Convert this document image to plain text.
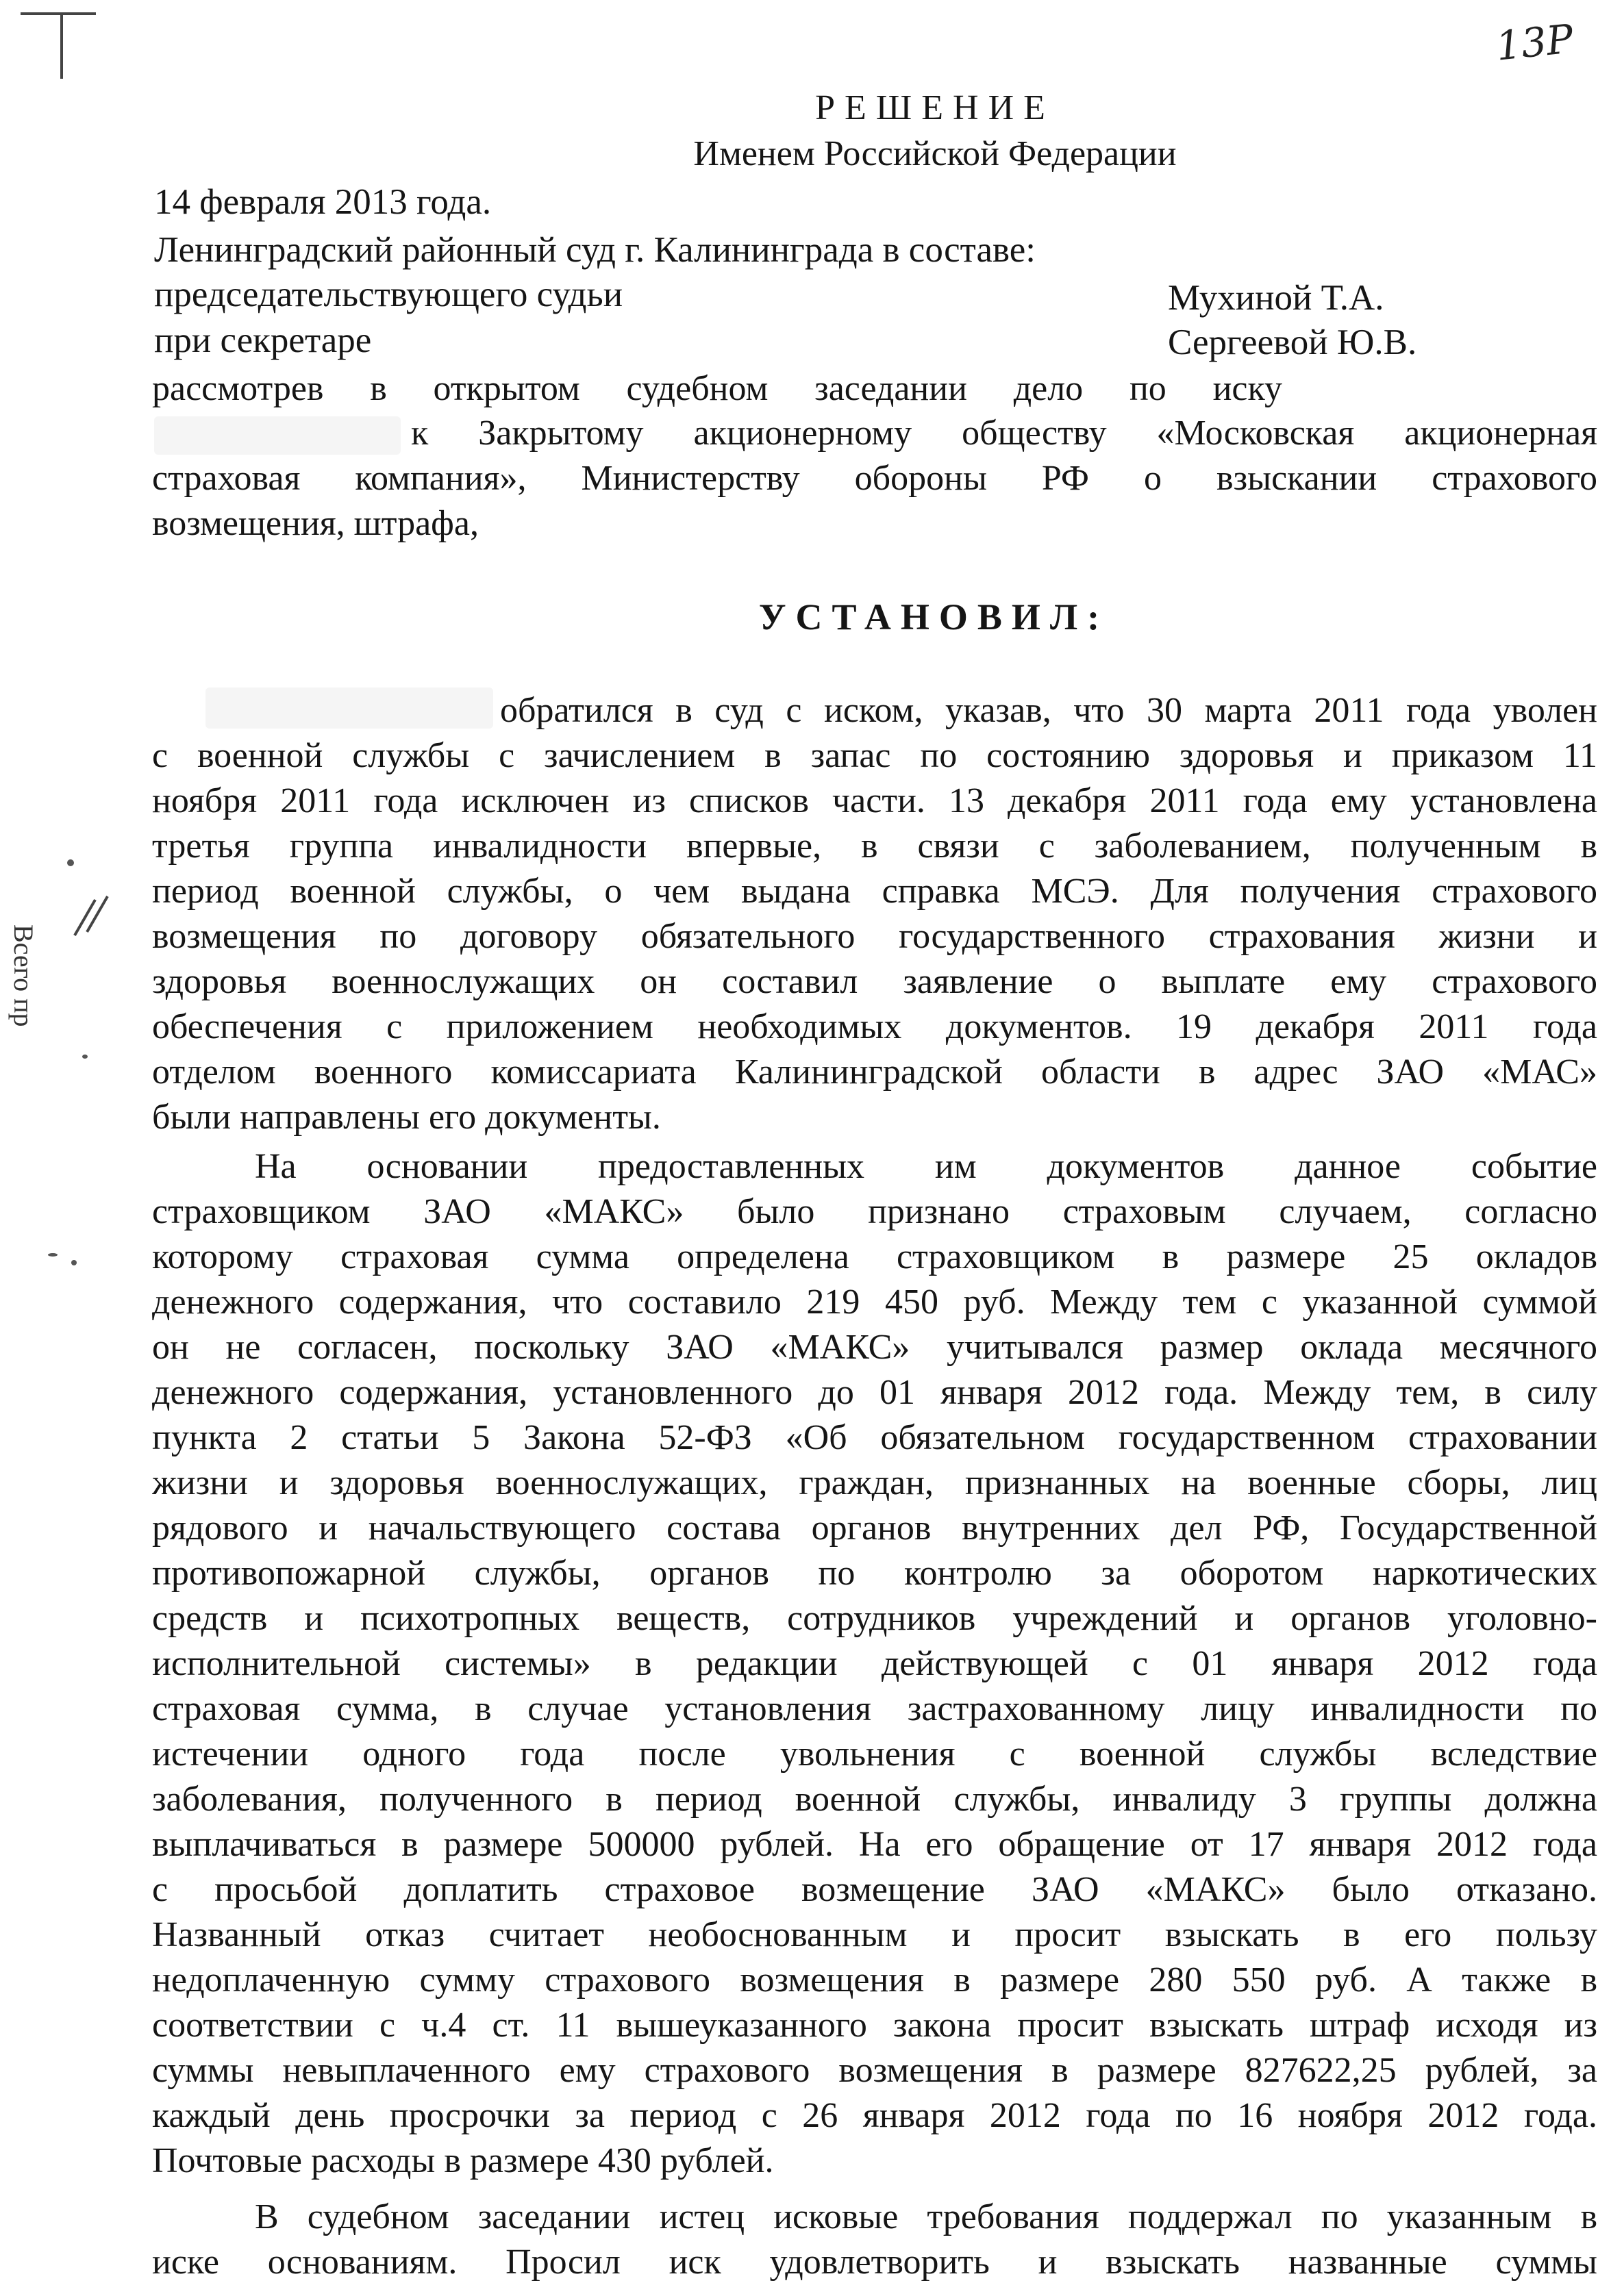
13P
Всего пр
РЕШЕНИЕ
Именем Российской Федерации
14 февраля 2013 года.
Ленинградский районный суд г. Калининграда в составе:
председательствующего судьи	Мухиной Т.А.
при секретаре	Сергеевой Ю.В.
рассмотрев в открытом судебном заседании дело по иску
к Закрытому акционерному обществу «Московская акционерная
страховая компания», Министерству обороны РФ о взыскании страхового
возмещения, штрафа,
УСТАНОВИЛ:
обратился в суд с иском, указав, что 30 марта 2011 года уволен
с военной службы с зачислением в запас по состоянию здоровья и приказом 11
ноября 2011 года исключен из списков части. 13 декабря 2011 года ему установлена
третья группа инвалидности впервые, в связи с заболеванием, полученным в
период военной службы, о чем выдана справка МСЭ. Для получения страхового
возмещения по договору обязательного государственного страхования жизни и
здоровья военнослужащих он составил заявление о выплате ему страхового
обеспечения с приложением необходимых документов. 19 декабря 2011 года
отделом военного комиссариата Калининградской области в адрес ЗАО «МАС»
были направлены его документы.
На основании предоставленных им документов данное событие
страховщиком ЗАО «МАКС» было признано страховым случаем, согласно
которому страховая сумма определена страховщиком в размере 25 окладов
денежного содержания, что составило 219 450 руб. Между тем с указанной суммой
он не согласен, поскольку ЗАО «МАКС» учитывался размер оклада месячного
денежного содержания, установленного до 01 января 2012 года. Между тем, в силу
пункта 2 статьи 5 Закона 52-ФЗ «Об обязательном государственном страховании
жизни и здоровья военнослужащих, граждан, признанных на военные сборы, лиц
рядового и начальствующего состава органов внутренних дел РФ, Государственной
противопожарной службы, органов по контролю за оборотом наркотических
средств и психотропных веществ, сотрудников учреждений и органов уголовно-
исполнительной системы» в редакции действующей с 01 января 2012 года
страховая сумма, в случае установления застрахованному лицу инвалидности по
истечении одного года после увольнения с военной службы вследствие
заболевания, полученного в период военной службы, инвалиду 3 группы должна
выплачиваться в размере 500000 рублей. На его обращение от 17 января 2012 года
с просьбой доплатить страховое возмещение ЗАО «МАКС» было отказано.
Названный отказ считает необоснованным и просит взыскать в его пользу
недоплаченную сумму страхового возмещения в размере 280 550 руб. А также в
соответствии с ч.4 ст. 11 вышеуказанного закона просит взыскать штраф исходя из
суммы невыплаченного ему страхового возмещения в размере 827622,25 рублей, за
каждый день просрочки за период с 26 января 2012 года по 16 ноября 2012 года.
Почтовые расходы в размере 430 рублей.
В судебном заседании истец исковые требования поддержал по указанным в
иске основаниям. Просил иск удовлетворить и взыскать названные суммы
